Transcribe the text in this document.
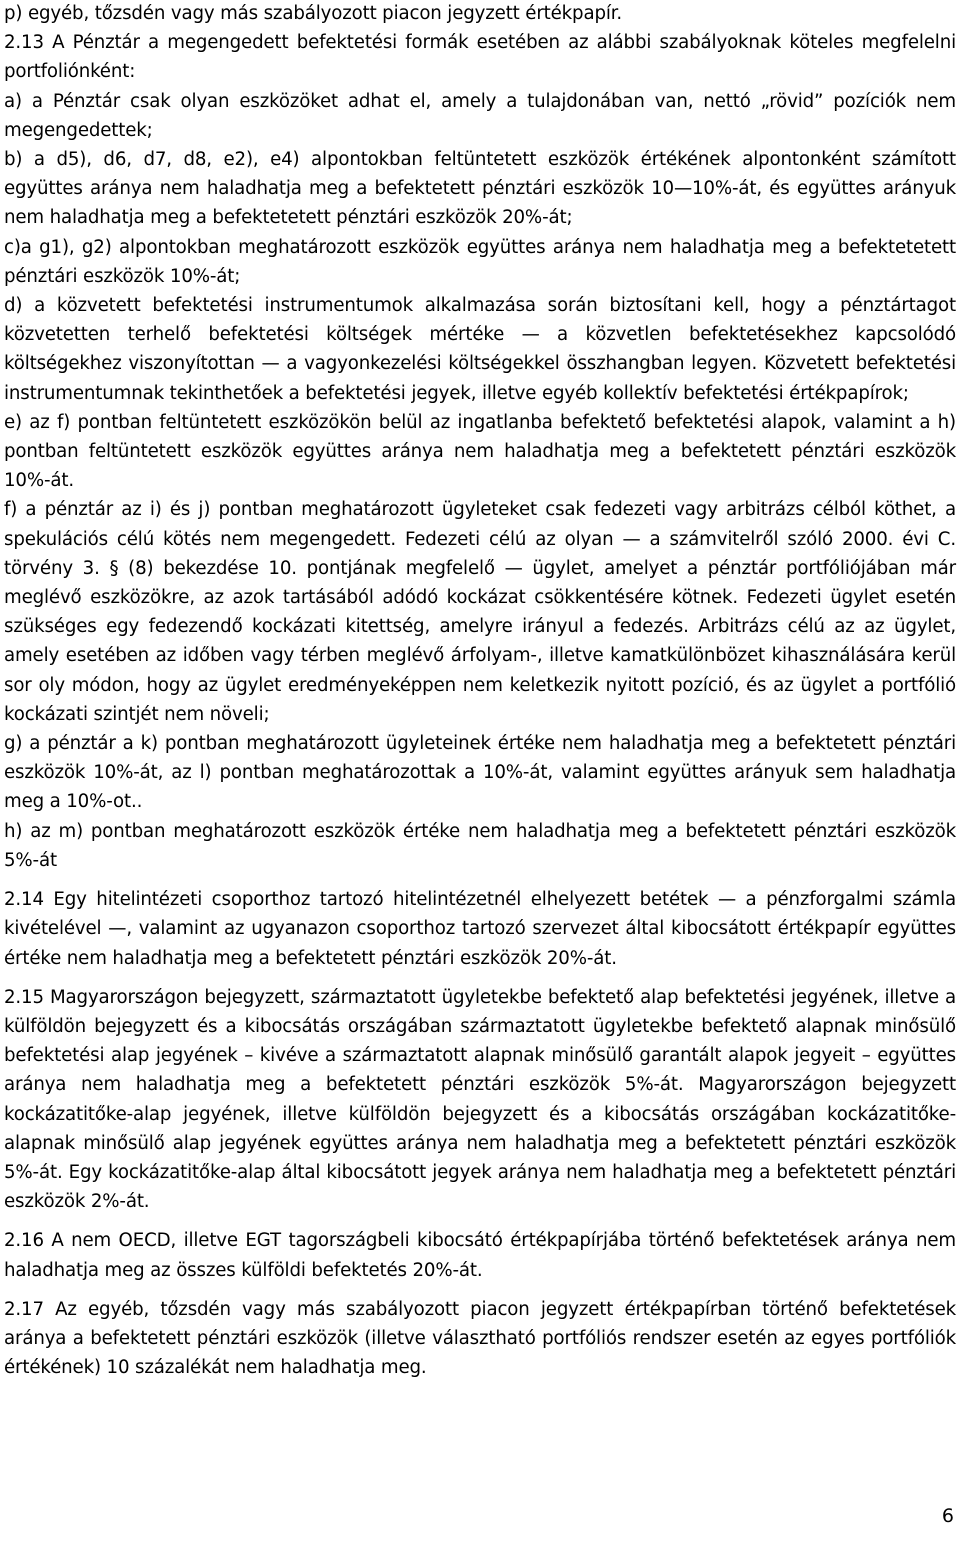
p) egyéb, tőzsdén vagy más szabályozott piacon jegyzett értékpapír.

2.13 A Pénztár a megengedett befektetési formák esetében az alábbi szabályoknak köteles megfelelni portfoliónként:

a) a Pénztár csak olyan eszközöket adhat el, amely a tulajdonában van, nettó „rövid” pozíciók nem megengedettek;

b) a d5), d6, d7, d8, e2), e4) alpontokban feltüntetett eszközök értékének alpontonként számított együttes aránya nem haladhatja meg a befektetett pénztári eszközök 10—10%-át, és együttes arányuk nem haladhatja meg a befektetetett pénztári eszközök 20%-át;

c)a g1), g2) alpontokban meghatározott eszközök együttes aránya nem haladhatja meg a befektetetett pénztári eszközök 10%-át;

d) a közvetett befektetési instrumentumok alkalmazása során biztosítani kell, hogy a pénztártagot közvetetten terhelő befektetési költségek mértéke — a közvetlen befektetésekhez kapcsolódó költségekhez viszonyítottan — a vagyonkezelési költségekkel összhangban legyen. Közvetett befektetési instrumentumnak tekinthetőek a befektetési jegyek, illetve egyéb kollektív befektetési értékpapírok;

e) az f) pontban feltüntetett eszközökön belül az ingatlanba befektető befektetési alapok, valamint a h) pontban feltüntetett eszközök együttes aránya nem haladhatja meg a befektetett pénztári eszközök 10%-át.

f) a pénztár az i) és j) pontban meghatározott ügyleteket csak fedezeti vagy arbitrázs célból köthet, a spekulációs célú kötés nem megengedett. Fedezeti célú az olyan — a számvitelről szóló 2000. évi C. törvény 3. § (8) bekezdése 10. pontjának megfelelő — ügylet, amelyet a pénztár portfóliójában már meglévő eszközökre, az azok tartásából adódó kockázat csökkentésére kötnek. Fedezeti ügylet esetén szükséges egy fedezendő kockázati kitettség, amelyre irányul a fedezés. Arbitrázs célú az az ügylet, amely esetében az időben vagy térben meglévő árfolyam-, illetve kamatkülönbözet kihasználására kerül sor oly módon, hogy az ügylet eredményeképpen nem keletkezik nyitott pozíció, és az ügylet a portfólió kockázati szintjét nem növeli;

g) a pénztár a k) pontban meghatározott ügyleteinek értéke nem haladhatja meg a befektetett pénztári eszközök 10%-át, az l) pontban meghatározottak a 10%-át, valamint együttes arányuk sem haladhatja meg a 10%-ot..

h) az m) pontban meghatározott eszközök értéke nem haladhatja meg a befektetett pénztári eszközök 5%-át

2.14 Egy hitelintézeti csoporthoz tartozó hitelintézetnél elhelyezett betétek — a pénzforgalmi számla kivételével —, valamint az ugyanazon csoporthoz tartozó szervezet által kibocsátott értékpapír együttes értéke nem haladhatja meg a befektetett pénztári eszközök 20%-át.

2.15 Magyarországon bejegyzett, származtatott ügyletekbe befektető alap befektetési jegyének, illetve a külföldön bejegyzett és a kibocsátás országában származtatott ügyletekbe befektető alapnak minősülő befektetési alap jegyének – kivéve a származtatott alapnak minősülő garantált alapok jegyeit – együttes aránya nem haladhatja meg a befektetett pénztári eszközök 5%-át. Magyarországon bejegyzett kockázatitőke-alap jegyének, illetve külföldön bejegyzett és a kibocsátás országában kockázatitőke-alapnak minősülő alap jegyének együttes aránya nem haladhatja meg a befektetett pénztári eszközök 5%-át. Egy kockázatitőke-alap által kibocsátott jegyek aránya nem haladhatja meg a befektetett pénztári eszközök 2%-át.

2.16 A nem OECD, illetve EGT tagországbeli kibocsátó értékpapírjába történő befektetések aránya nem haladhatja meg az összes külföldi befektetés 20%-át.

2.17 Az egyéb, tőzsdén vagy más szabályozott piacon jegyzett értékpapírban történő befektetések aránya a befektetett pénztári eszközök (illetve választható portfóliós rendszer esetén az egyes portfóliók értékének) 10 százalékát nem haladhatja meg.

6
